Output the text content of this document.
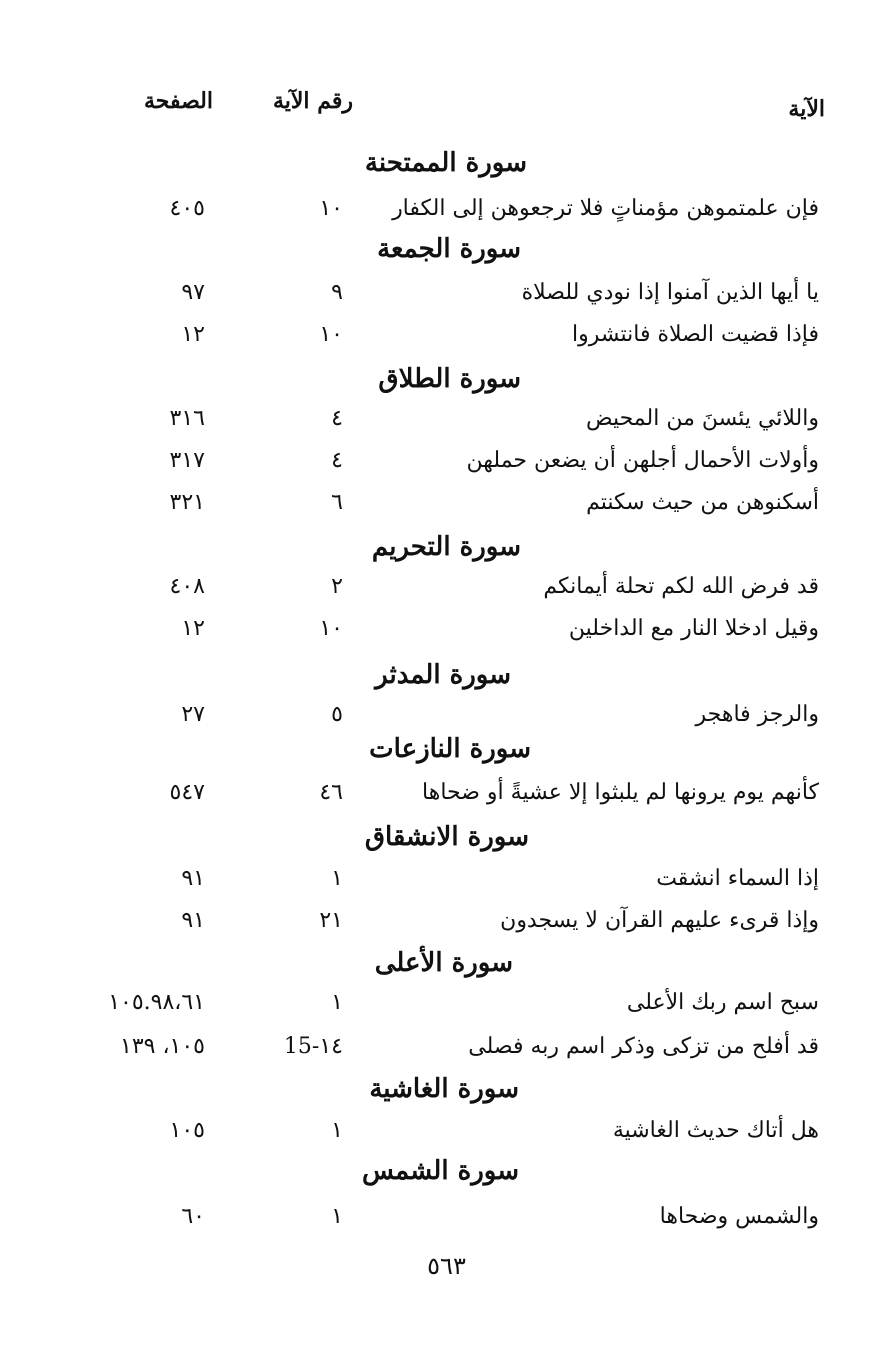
الآية
رقم الآية
الصفحة
سورة الممتحنة
فإن علمتموهن مؤمناتٍ فلا ترجعوهن إلى الكفار
١٠
٤٠٥
سورة الجمعة
يا أيها الذين آمنوا إذا نودي للصلاة
٩
٩٧
فإذا قضيت الصلاة فانتشروا
١٠
١٢
سورة الطلاق
واللائي يئسنَ من المحيض
٤
٣١٦
وأولات الأحمال أجلهن أن يضعن حملهن
٤
٣١٧
أسكنوهن من حيث سكنتم
٦
٣٢١
سورة التحريم
قد فرض الله لكم تحلة أيمانكم
٢
٤٠٨
وقيل ادخلا النار مع الداخلين
١٠
١٢
سورة المدثر
والرجز فاهجر
٥
٢٧
سورة النازعات
كأنهم يوم يرونها لم يلبثوا إلا عشيةً أو ضحاها
٤٦
٥٤٧
سورة الانشقاق
إذا السماء انشقت
١
٩١
وإذا قرىء عليهم القرآن لا يسجدون
٢١
٩١
سورة الأعلى
سبح اسم ربك الأعلى
١
١٠٥.٩٨،٦١
قد أفلح من تزكى وذكر اسم ربه فصلى
١٤-15
١٠٥، ١٣٩
سورة الغاشية
هل أتاك حديث الغاشية
١
١٠٥
سورة الشمس
والشمس وضحاها
١
٦٠
٥٦٣
